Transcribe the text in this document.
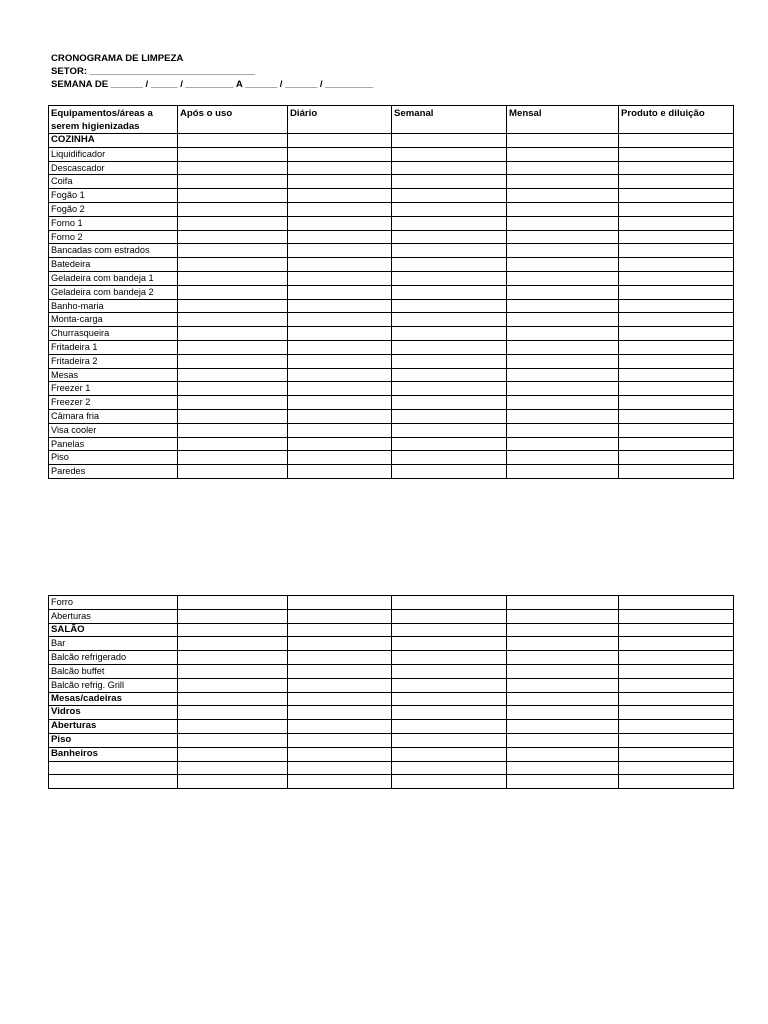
CRONOGRAMA DE LIMPEZA
SETOR: _______________________________
SEMANA DE ______ / _____ / _________ A ______ / ______ / _________
Equipamentos/áreas a serem higienizadas	Após o uso	Diário	Semanal	Mensal	Produto e diluição
COZINHA					
Liquidificador					
Descascador					
Coifa					
Fogão 1					
Fogão 2					
Forno 1					
Forno 2					
Bancadas com estrados					
Batedeira					
Geladeira com bandeja 1					
Geladeira com bandeja 2					
Banho-maria					
Monta-carga					
Churrasqueira					
Fritadeira 1					
Fritadeira 2					
Mesas					
Freezer 1					
Freezer 2					
Câmara fria					
Visa cooler					
Panelas					
Piso					
Paredes					
Forro					
Aberturas					
SALÃO					
Bar					
Balcão refrigerado					
Balcão buffet					
Balcão refrig. Grill					
Mesas/cadeiras					
Vidros					
Aberturas					
Piso					
Banheiros					
